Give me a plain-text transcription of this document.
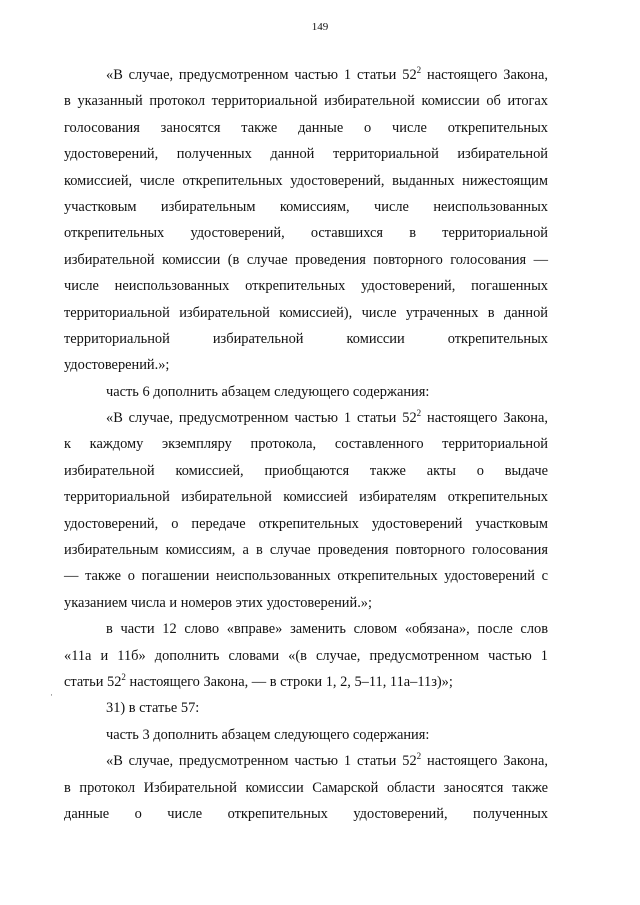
149
·
«В случае, предусмотренном частью 1 статьи $52^2$ настоящего Закона,
в указанный протокол территориальной избирательной комиссии об итогах
голосования заносятся также данные о числе открепительных
удостоверений, полученных данной территориальной избирательной
комиссией, числе открепительных удостоверений, выданных нижестоящим
участковым избирательным комиссиям, числе неиспользованных
открепительных удостоверений, оставшихся в территориальной
избирательной комиссии (в случае проведения повторного голосования —
числе неиспользованных открепительных удостоверений, погашенных
территориальной избирательной комиссией), числе утраченных в данной
территориальной избирательной комиссии открепительных
удостоверений.»;
часть 6 дополнить абзацем следующего содержания:
«В случае, предусмотренном частью 1 статьи $52^2$ настоящего Закона,
к каждому экземпляру протокола, составленного территориальной
избирательной комиссией, приобщаются также акты о выдаче
территориальной избирательной комиссией избирателям открепительных
удостоверений, о передаче открепительных удостоверений участковым
избирательным комиссиям, а в случае проведения повторного голосования
— также о погашении неиспользованных открепительных удостоверений с
указанием числа и номеров этих удостоверений.»;
в части 12 слово «вправе» заменить словом «обязана», после слов
«11а и 11б» дополнить словами «(в случае, предусмотренном частью 1
статьи $52^2$ настоящего Закона, — в строки 1, 2, 5–11, 11а–11з)»;
31) в статье 57:
часть 3 дополнить абзацем следующего содержания:
«В случае, предусмотренном частью 1 статьи $52^2$ настоящего Закона,
в протокол Избирательной комиссии Самарской области заносятся также
данные о числе открепительных удостоверений, полученных
